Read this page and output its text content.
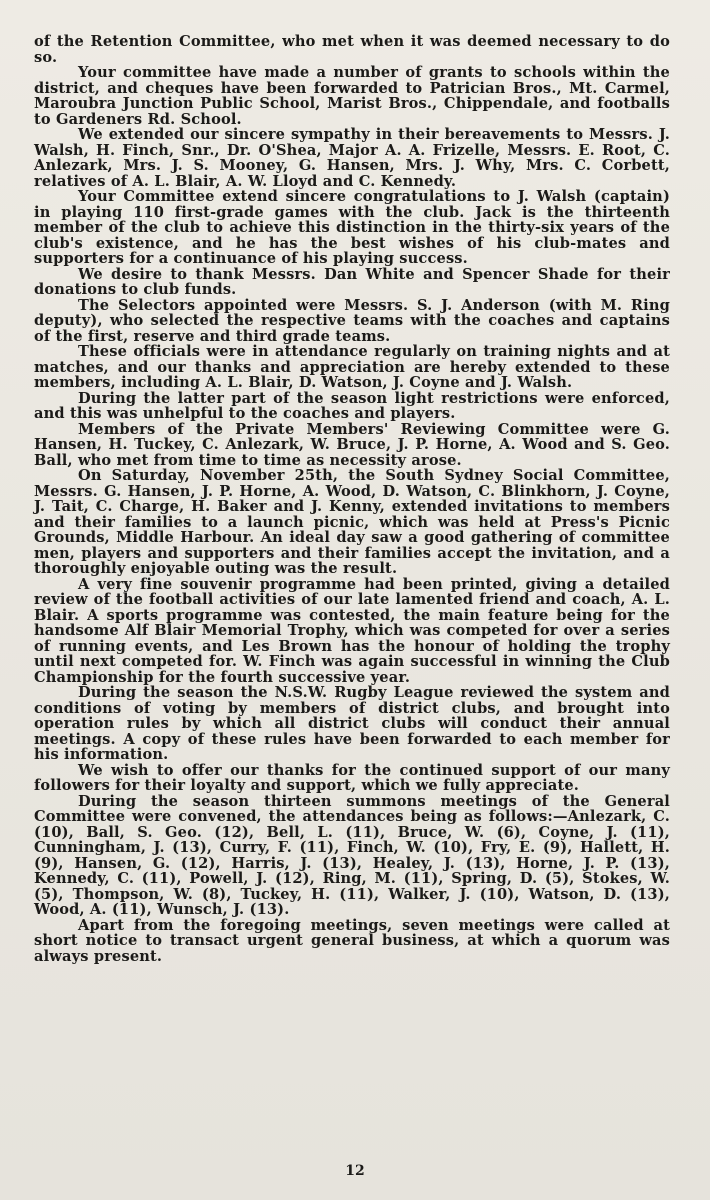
of the Retention Committee, who met when it was deemed necessary to do so.

Your committee have made a number of grants to schools within the district, and cheques have been forwarded to Patrician Bros., Mt. Carmel, Maroubra Junction Public School, Marist Bros., Chippendale, and footballs to Gardeners Rd. School.

We extended our sincere sympathy in their bereavements to Messrs. J. Walsh, H. Finch, Snr., Dr. O'Shea, Major A. A. Frizelle, Messrs. E. Root, C. Anlezark, Mrs. J. S. Mooney, G. Hansen, Mrs. J. Why, Mrs. C. Corbett, relatives of A. L. Blair, A. W. Lloyd and C. Kennedy.

Your Committee extend sincere congratulations to J. Walsh (captain) in playing 110 first-grade games with the club. Jack is the thirteenth member of the club to achieve this distinction in the thirty-six years of the club's existence, and he has the best wishes of his club-mates and supporters for a continuance of his playing success.

We desire to thank Messrs. Dan White and Spencer Shade for their donations to club funds.

The Selectors appointed were Messrs. S. J. Anderson (with M. Ring deputy), who selected the respective teams with the coaches and captains of the first, reserve and third grade teams.

These officials were in attendance regularly on training nights and at matches, and our thanks and appreciation are hereby extended to these members, including A. L. Blair, D. Watson, J. Coyne and J. Walsh.

During the latter part of the season light restrictions were enforced, and this was unhelpful to the coaches and players.

Members of the Private Members' Reviewing Committee were G. Hansen, H. Tuckey, C. Anlezark, W. Bruce, J. P. Horne, A. Wood and S. Geo. Ball, who met from time to time as necessity arose.

On Saturday, November 25th, the South Sydney Social Committee, Messrs. G. Hansen, J. P. Horne, A. Wood, D. Watson, C. Blinkhorn, J. Coyne, J. Tait, C. Charge, H. Baker and J. Kenny, extended invitations to members and their families to a launch picnic, which was held at Press's Picnic Grounds, Middle Harbour. An ideal day saw a good gathering of committee men, players and supporters and their families accept the invitation, and a thoroughly enjoyable outing was the result.

A very fine souvenir programme had been printed, giving a detailed review of the football activities of our late lamented friend and coach, A. L. Blair. A sports programme was contested, the main feature being for the handsome Alf Blair Memorial Trophy, which was competed for over a series of running events, and Les Brown has the honour of holding the trophy until next competed for. W. Finch was again successful in winning the Club Championship for the fourth successive year.

During the season the N.S.W. Rugby League reviewed the system and conditions of voting by members of district clubs, and brought into operation rules by which all district clubs will conduct their annual meetings. A copy of these rules have been forwarded to each member for his information.

We wish to offer our thanks for the continued support of our many followers for their loyalty and support, which we fully appreciate.

During the season thirteen summons meetings of the General Committee were convened, the attendances being as follows:—Anlezark, C. (10), Ball, S. Geo. (12), Bell, L. (11), Bruce, W. (6), Coyne, J. (11), Cunningham, J. (13), Curry, F. (11), Finch, W. (10), Fry, E. (9), Hallett, H. (9), Hansen, G. (12), Harris, J. (13), Healey, J. (13), Horne, J. P. (13), Kennedy, C. (11), Powell, J. (12), Ring, M. (11), Spring, D. (5), Stokes, W. (5), Thompson, W. (8), Tuckey, H. (11), Walker, J. (10), Watson, D. (13), Wood, A. (11), Wunsch, J. (13).

Apart from the foregoing meetings, seven meetings were called at short notice to transact urgent general business, at which a quorum was always present.

12
